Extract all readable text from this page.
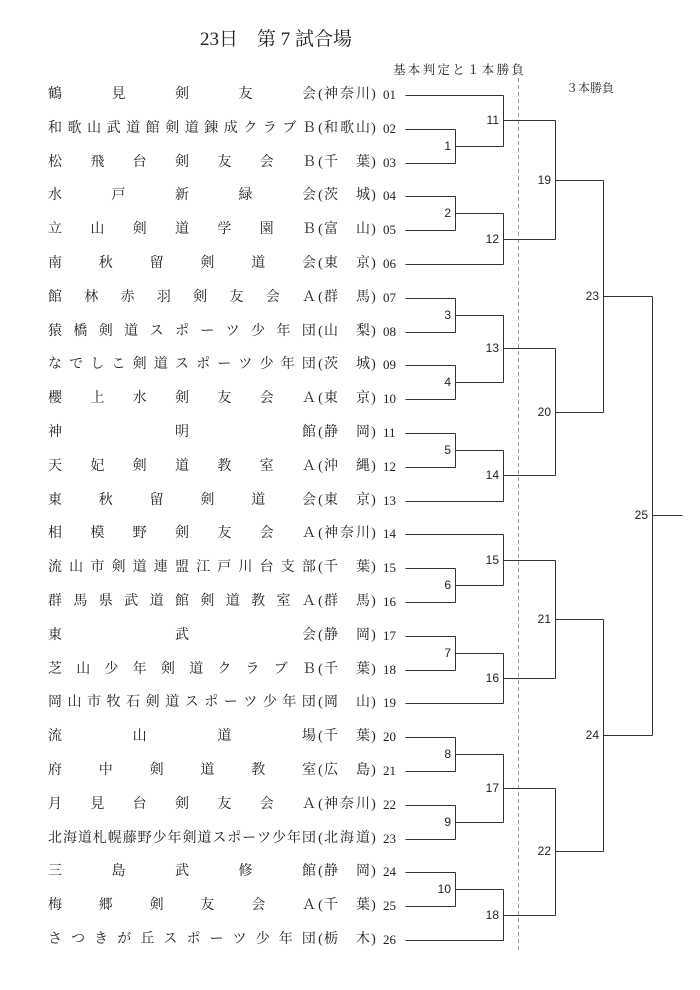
23日　第 7 試合場
基本判定と１本勝負
３本勝負
1
2
3
4
5
6
7
8
9
10
11
12
13
14
15
16
17
18
19
20
21
22
23
24
25
鶴	見	剣	友	会 ( 神 奈 川 ) 01
和 歌 山 武 道 館 剣 道 錬 成 ク ラ ブ Ｂ ( 和 歌 山 ) 02
松 飛 台 剣 友 会 Ｂ ( 千 葉 ) 03
水	戸	新	緑	会 ( 茨 城 ) 04
立 山 剣 道 学 園 Ｂ ( 富 山 ) 05
南	秋	留	剣	道	会 ( 東 京 ) 06
館 林 赤 羽 剣 友 会 Ａ ( 群 馬 ) 07
猿 橋 剣 道 ス ポ ー ツ 少 年 団 ( 山 梨 ) 08
な で し こ 剣 道 ス ポ ー ツ 少 年 団 ( 茨 城 ) 09
櫻 上 水 剣 友 会 Ａ ( 東 京 ) 10
神	明	館 ( 静 岡 ) 11
天 妃 剣 道 教 室 Ａ ( 沖 縄 ) 12
東	秋	留	剣	道	会 ( 東 京 ) 13
相 模 野 剣 友 会 Ａ ( 神 奈 川 ) 14
流 山 市 剣 道 連 盟 江 戸 川 台 支 部 ( 千 葉 ) 15
群 馬 県 武 道 館 剣 道 教 室 Ａ ( 群 馬 ) 16
東	武	会 ( 静 岡 ) 17
芝 山 少 年 剣 道 ク ラ ブ Ｂ ( 千 葉 ) 18
岡 山 市 牧 石 剣 道 ス ポ ー ツ 少 年 団 ( 岡 山 ) 19
流	山	道	場 ( 千 葉 ) 20
府	中	剣	道	教	室 ( 広 島 ) 21
月 見 台 剣 友 会 Ａ ( 神 奈 川 ) 22
北 海 道 札 幌 藤 野 少 年 剣 道 ス ポ ー ツ 少 年 団 ( 北 海 道 ) 23
三	島	武	修	館 ( 静 岡 ) 24
梅	郷	剣	友	会	Ａ ( 千 葉 ) 25
さ つ き が 丘 ス ポ ー ツ 少 年 団 ( 栃 木 ) 26
